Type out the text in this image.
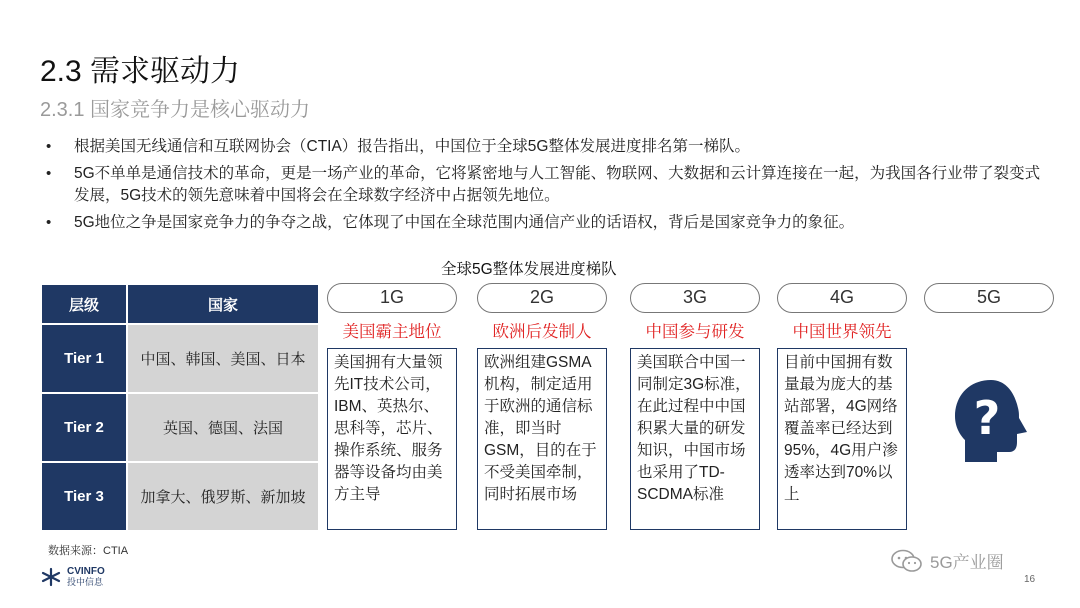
2.3 需求驱动力
2.3.1 国家竞争力是核心驱动力
• 根据美国无线通信和互联网协会（CTIA）报告指出，中国位于全球5G整体发展进度排名第一梯队。
• 5G不单单是通信技术的革命，更是一场产业的革命，它将紧密地与人工智能、物联网、大数据和云计算连接在一起，为我国各行业带了裂变式发展，5G技术的领先意味着中国将会在全球数字经济中占据领先地位。
• 5G地位之争是国家竞争力的争夺之战，它体现了中国在全球范围内通信产业的话语权，背后是国家竞争力的象征。
全球5G整体发展进度梯队
层级	国家
Tier 1	中国、韩国、美国、日本
Tier 2	英国、德国、法国
Tier 3	加拿大、俄罗斯、新加坡
1G
美国霸主地位
美国拥有大量领先IT技术公司，IBM、英热尔、思科等，芯片、操作系统、服务器等设备均由美方主导
2G
欧洲后发制人
欧洲组建GSMA机构，制定适用于欧洲的通信标准，即当时GSM，目的在于不受美国牵制，同时拓展市场
3G
中国参与研发
美国联合中国一同制定3G标准，在此过程中中国积累大量的研发知识，中国市场也采用了TD-SCDMA标准
4G
中国世界领先
目前中国拥有数量最为庞大的基站部署，4G网络覆盖率已经达到95%，4G用户渗透率达到70%以上
5G
?
数据来源：CTIA
CVINFO
投中信息
5G产业圈
16
